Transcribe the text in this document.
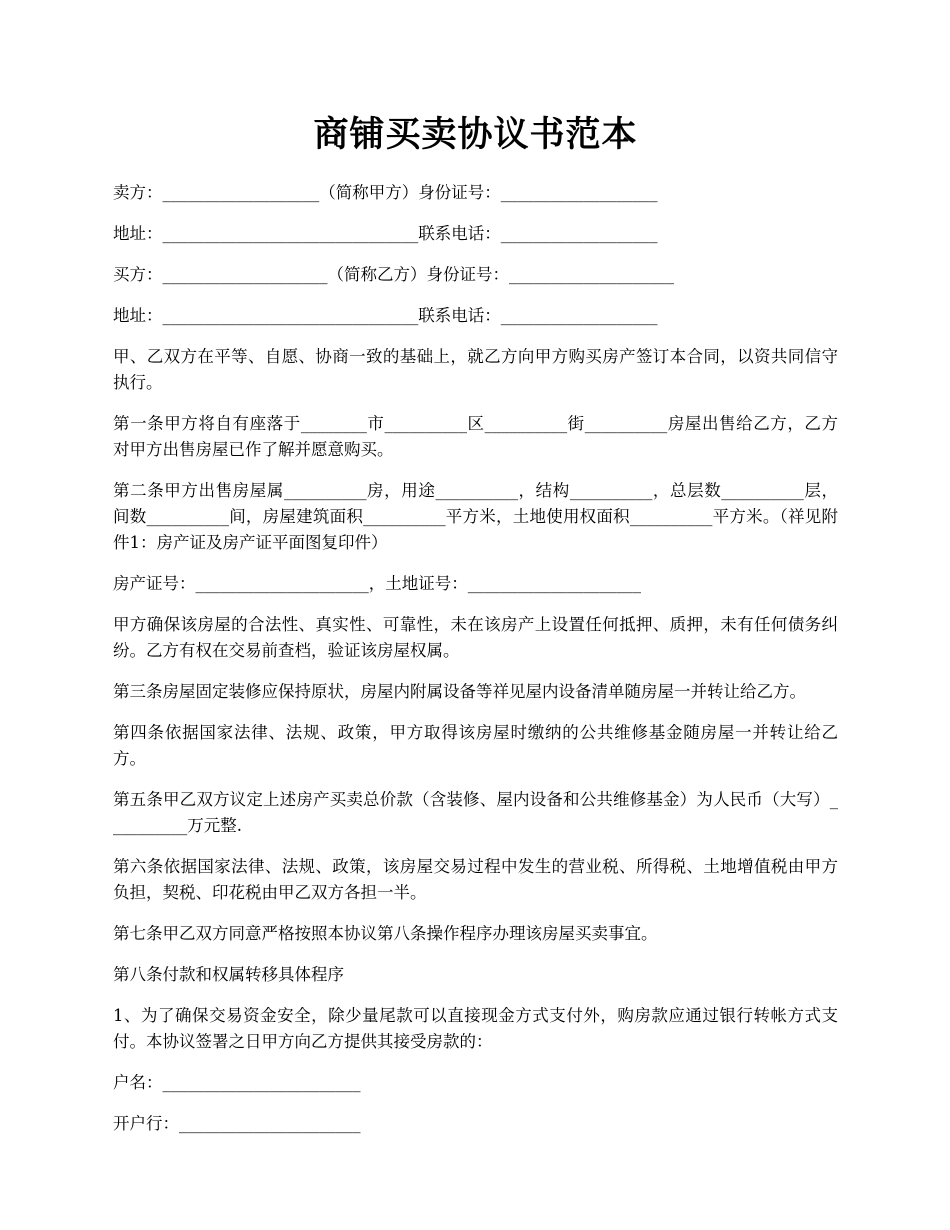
商铺买卖协议书范本

卖方：___________________（简称甲方）身份证号：___________________

地址：_______________________________联系电话：___________________

买方：____________________（简称乙方）身份证号：____________________

地址：_______________________________联系电话：___________________

甲、乙双方在平等、自愿、协商一致的基础上，就乙方向甲方购买房产签订本合同，以资共同信守执行。

第一条甲方将自有座落于________市__________区__________街__________房屋出售给乙方，乙方对甲方出售房屋已作了解并愿意购买。

第二条甲方出售房屋属__________房，用途__________，结构__________，总层数__________层，间数__________间，房屋建筑面积__________平方米，土地使用权面积__________平方米。（祥见附件1：房产证及房产证平面图复印件）

房产证号：_____________________，土地证号：_____________________

甲方确保该房屋的合法性、真实性、可靠性，未在该房产上设置任何抵押、质押，未有任何债务纠纷。乙方有权在交易前查档，验证该房屋权属。

第三条房屋固定装修应保持原状，房屋内附属设备等祥见屋内设备清单随房屋一并转让给乙方。

第四条依据国家法律、法规、政策，甲方取得该房屋时缴纳的公共维修基金随房屋一并转让给乙方。

第五条甲乙双方议定上述房产买卖总价款（含装修、屋内设备和公共维修基金）为人民币（大写）__________万元整.

第六条依据国家法律、法规、政策，该房屋交易过程中发生的营业税、所得税、土地增值税由甲方负担，契税、印花税由甲乙双方各担一半。

第七条甲乙双方同意严格按照本协议第八条操作程序办理该房屋买卖事宜。

第八条付款和权属转移具体程序

1、为了确保交易资金安全，除少量尾款可以直接现金方式支付外，购房款应通过银行转帐方式支付。本协议签署之日甲方向乙方提供其接受房款的：

户名：________________________

开户行：______________________
